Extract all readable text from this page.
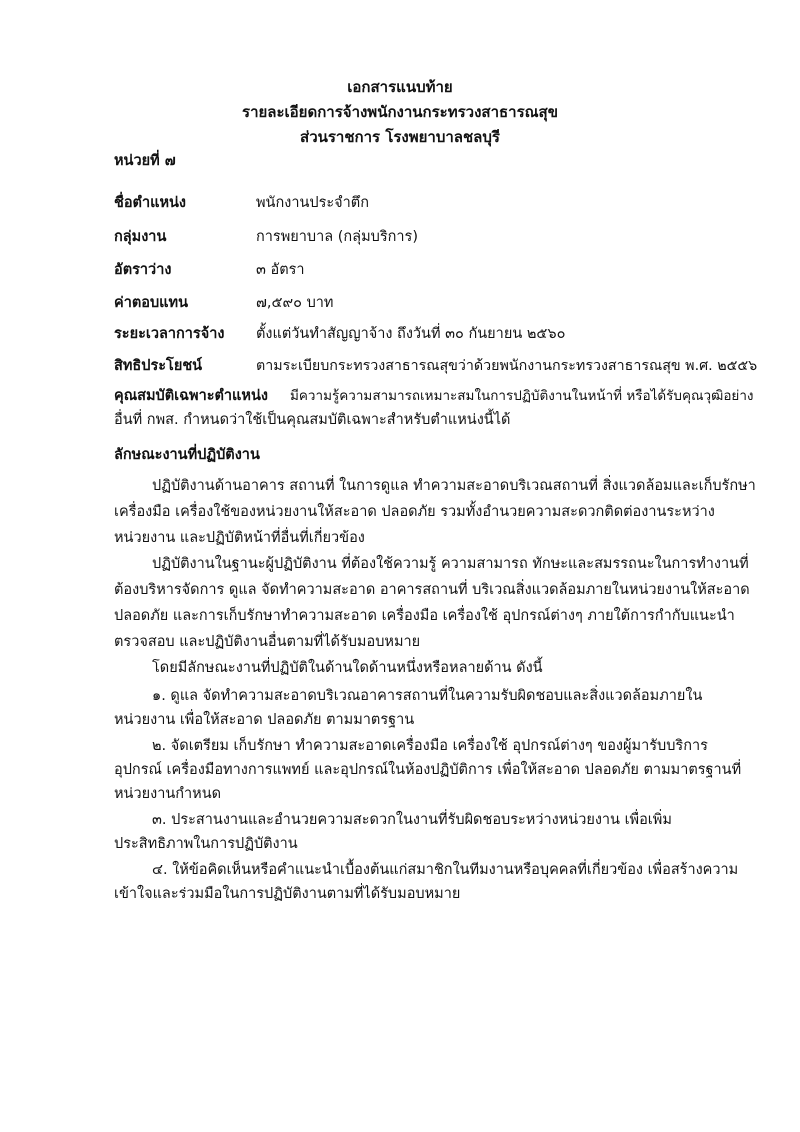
เอกสารแนบท้าย
รายละเอียดการจ้างพนักงานกระทรวงสาธารณสุข
ส่วนราชการ โรงพยาบาลชลบุรี
หน่วยที่ ๗
ชื่อตำแหน่ง	พนักงานประจำตึก
กลุ่มงาน	การพยาบาล (กลุ่มบริการ)
อัตราว่าง	๓ อัตรา
ค่าตอบแทน	๗,๕๙๐ บาท
ระยะเวลาการจ้าง ตั้งแต่วันทำสัญญาจ้าง ถึงวันที่ ๓๐ กันยายน ๒๕๖๐
สิทธิประโยชน์	ตามระเบียบกระทรวงสาธารณสุขว่าด้วยพนักงานกระทรวงสาธารณสุข พ.ศ. ๒๕๕๖
คุณสมบัติเฉพาะตำแหน่ง มีความรู้ความสามารถเหมาะสมในการปฏิบัติงานในหน้าที่ หรือได้รับคุณวุฒิอย่าง
อื่นที่ กพส. กำหนดว่าใช้เป็นคุณสมบัติเฉพาะสำหรับตำแหน่งนี้ได้
ลักษณะงานที่ปฏิบัติงาน
ปฏิบัติงานด้านอาคาร สถานที่ ในการดูแล ทำความสะอาดบริเวณสถานที่ สิ่งแวดล้อมและเก็บรักษา
เครื่องมือ เครื่องใช้ของหน่วยงานให้สะอาด ปลอดภัย รวมทั้งอำนวยความสะดวกติดต่องานระหว่าง
หน่วยงาน และปฏิบัติหน้าที่อื่นที่เกี่ยวข้อง
ปฏิบัติงานในฐานะผู้ปฏิบัติงาน ที่ต้องใช้ความรู้ ความสามารถ ทักษะและสมรรถนะในการทำงานที่
ต้องบริหารจัดการ ดูแล จัดทำความสะอาด อาคารสถานที่ บริเวณสิ่งแวดล้อมภายในหน่วยงานให้สะอาด
ปลอดภัย และการเก็บรักษาทำความสะอาด เครื่องมือ เครื่องใช้ อุปกรณ์ต่างๆ ภายใต้การกำกับแนะนำ
ตรวจสอบ และปฏิบัติงานอื่นตามที่ได้รับมอบหมาย
โดยมีลักษณะงานที่ปฏิบัติในด้านใดด้านหนึ่งหรือหลายด้าน ดังนี้
๑. ดูแล จัดทำความสะอาดบริเวณอาคารสถานที่ในความรับผิดชอบและสิ่งแวดล้อมภายใน
หน่วยงาน เพื่อให้สะอาด ปลอดภัย ตามมาตรฐาน
๒. จัดเตรียม เก็บรักษา ทำความสะอาดเครื่องมือ เครื่องใช้ อุปกรณ์ต่างๆ ของผู้มารับบริการ
อุปกรณ์ เครื่องมือทางการแพทย์ และอุปกรณ์ในห้องปฏิบัติการ เพื่อให้สะอาด ปลอดภัย ตามมาตรฐานที่
หน่วยงานกำหนด
๓. ประสานงานและอำนวยความสะดวกในงานที่รับผิดชอบระหว่างหน่วยงาน เพื่อเพิ่ม
ประสิทธิภาพในการปฏิบัติงาน
๔. ให้ข้อคิดเห็นหรือคำแนะนำเบื้องต้นแก่สมาชิกในทีมงานหรือบุคคลที่เกี่ยวข้อง เพื่อสร้างความ
เข้าใจและร่วมมือในการปฏิบัติงานตามที่ได้รับมอบหมาย
